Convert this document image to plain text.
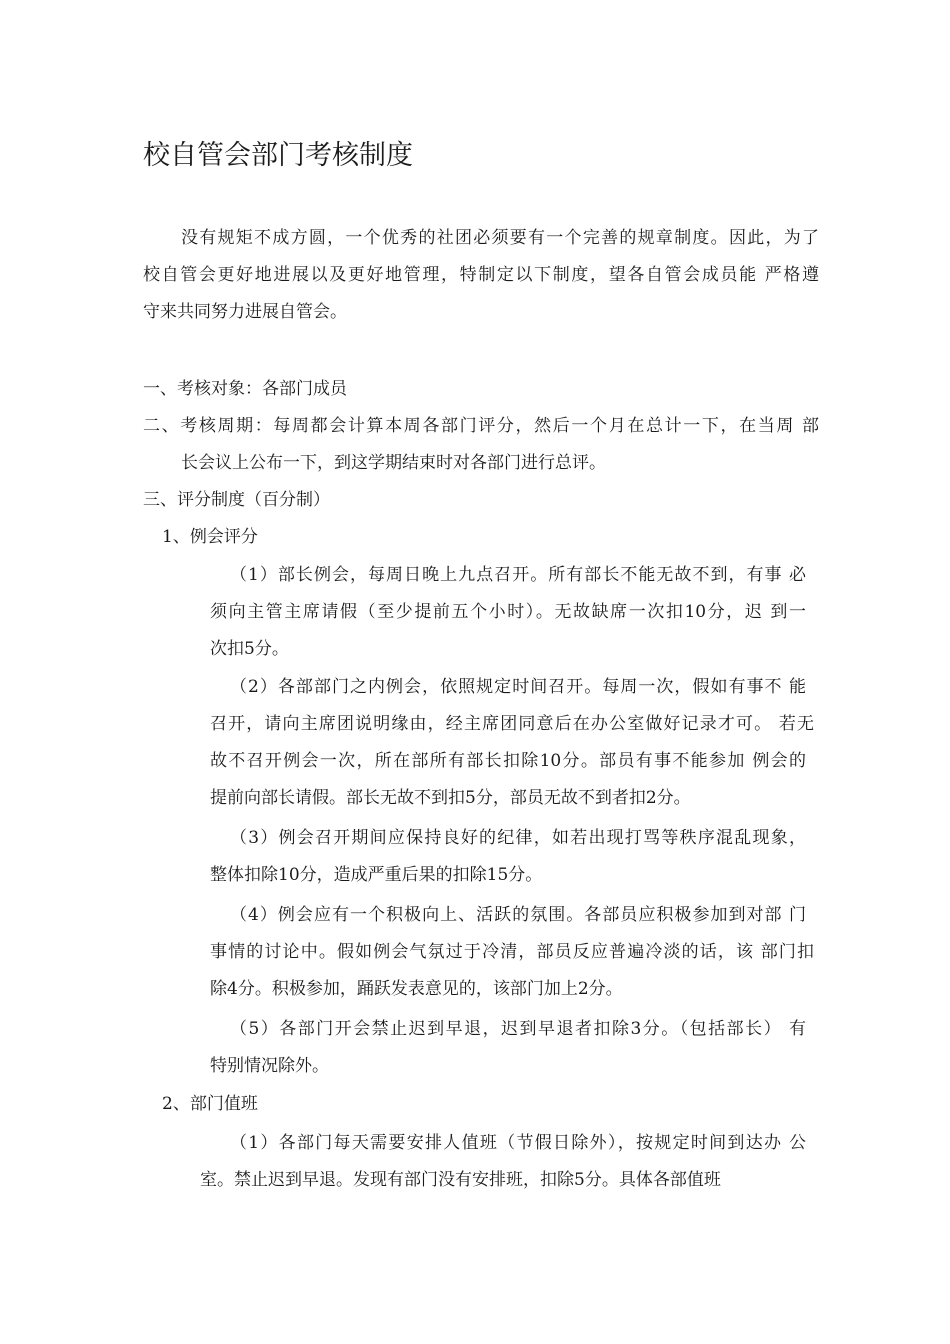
校自管会部门考核制度
没有规矩不成方圆，一个优秀的社团必须要有一个完善的规章制度。因此，为了
校自管会更好地进展以及更好地管理，特制定以下制度，望各自管会成员能 严格遵
守来共同努力进展自管会。
一、考核对象：各部门成员
二、考核周期：每周都会计算本周各部门评分，然后一个月在总计一下，在当周 部
长会议上公布一下，到这学期结束时对各部门进行总评。
三、评分制度（百分制）
1、例会评分
（1）部长例会，每周日晚上九点召开。所有部长不能无故不到，有事 必
须向主管主席请假（至少提前五个小时）。无故缺席一次扣10分，迟 到一
次扣5分。
（2）各部部门之内例会，依照规定时间召开。每周一次，假如有事不 能
召开，请向主席团说明缘由，经主席团同意后在办公室做好记录才可。 若无
故不召开例会一次，所在部所有部长扣除10分。部员有事不能参加 例会的
提前向部长请假。部长无故不到扣5分，部员无故不到者扣2分。
（3）例会召开期间应保持良好的纪律，如若出现打骂等秩序混乱现象，
整体扣除10分，造成严重后果的扣除15分。
（4）例会应有一个积极向上、活跃的氛围。各部员应积极参加到对部 门
事情的讨论中。假如例会气氛过于冷清，部员反应普遍冷淡的话，该 部门扣
除4分。积极参加，踊跃发表意见的，该部门加上2分。
（5）各部门开会禁止迟到早退，迟到早退者扣除3分。（包括部长） 有
特别情况除外。
2、部门值班
（1）各部门每天需要安排人值班（节假日除外），按规定时间到达办 公
室。禁止迟到早退。发现有部门没有安排班，扣除5分。具体各部值班
